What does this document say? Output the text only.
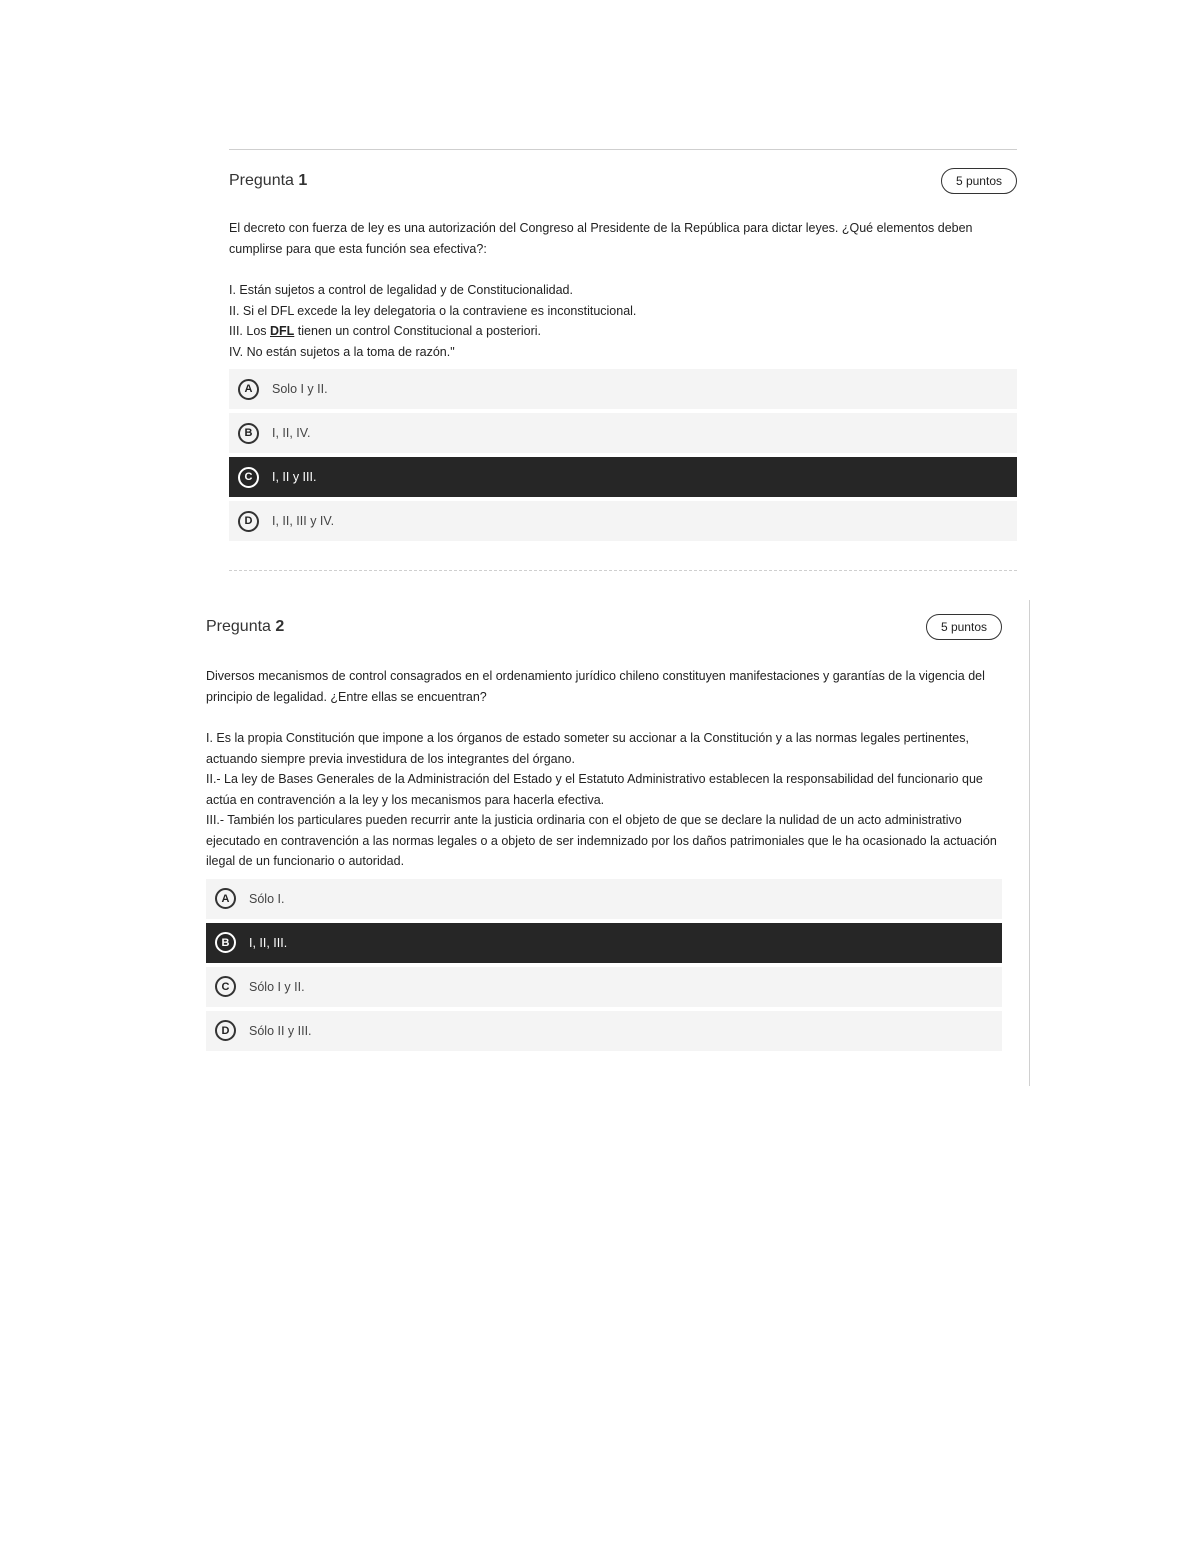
Pregunta 1	5 puntos

El decreto con fuerza de ley es una autorización del Congreso al Presidente de la República para dictar leyes. ¿Qué elementos deben cumplirse para que esta función sea efectiva?:

I. Están sujetos a control de legalidad y de Constitucionalidad.

II. Si el DFL excede la ley delegatoria o la contraviene es inconstitucional.

III. Los DFL tienen un control Constitucional a posteriori.

IV. No están sujetos a la toma de razón."

A	Solo I y II.
B	I, II, IV.
C	I, II y III.
D	I, II, III y IV.
Pregunta 2	5 puntos

Diversos mecanismos de control consagrados en el ordenamiento jurídico chileno constituyen manifestaciones y garantías de la vigencia del principio de legalidad. ¿Entre ellas se encuentran?

I. Es la propia Constitución que impone a los órganos de estado someter su accionar a la Constitución y a las normas legales pertinentes, actuando siempre previa investidura de los integrantes del órgano.

II.- La ley de Bases Generales de la Administración del Estado y el Estatuto Administrativo establecen la responsabilidad del funcionario que actúa en contravención a la ley y los mecanismos para hacerla efectiva.

III.- También los particulares pueden recurrir ante la justicia ordinaria con el objeto de que se declare la nulidad de un acto administrativo ejecutado en contravención a las normas legales o a objeto de ser indemnizado por los daños patrimoniales que le ha ocasionado la actuación ilegal de un funcionario o autoridad.

A	Sólo I.
B	I, II, III.
C	Sólo I y II.
D	Sólo II y III.
